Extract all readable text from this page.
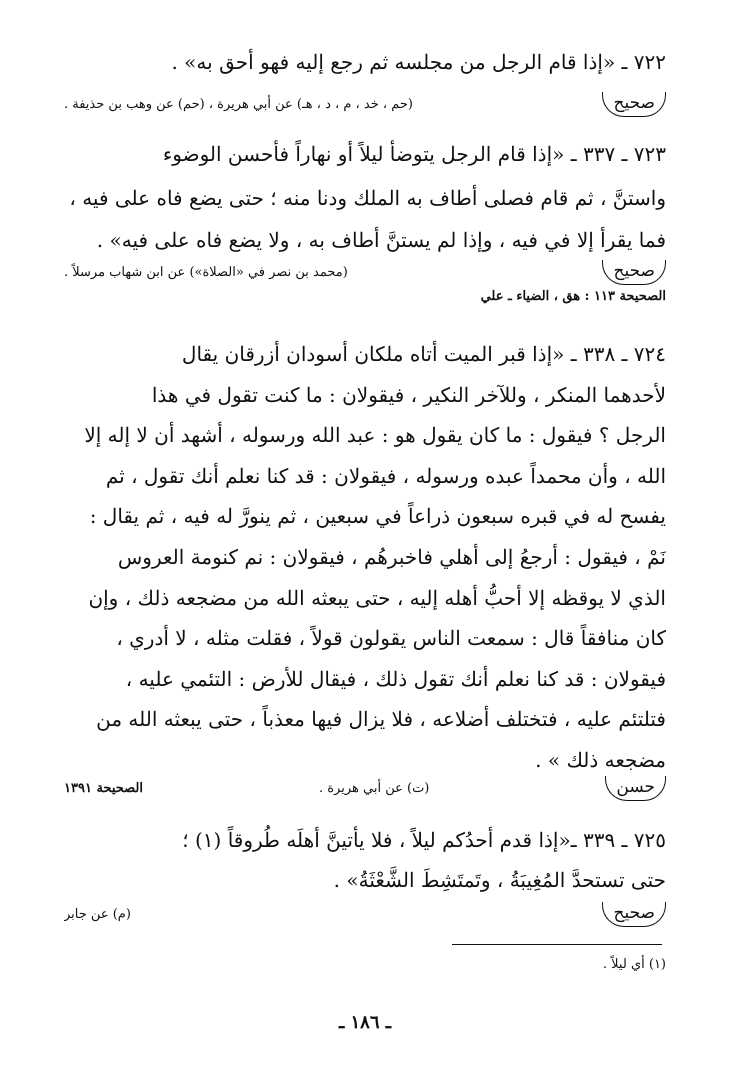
٧٢٢ ـ «إذا قام الرجل من مجلسه ثم رجع إليه فهو أحق به» .
صحيح
(حم ، خد ، م ، د ، هـ) عن أبي هريرة ، (حم) عن وهب بن حذيفة .
٧٢٣ ـ ٣٣٧ ـ «إذا قام الرجل يتوضأ ليلاً أو نهاراً فأحسن الوضوء
واستنَّ ، ثم قام فصلى أطاف به الملك ودنا منه ؛ حتى يضع فاه على فيه ،
فما يقرأ إلا في فيه ، وإذا لم يستنَّ أطاف به ، ولا يضع فاه على فيه» .
صحيح
(محمد بن نصر في «الصلاة») عن ابن شهاب مرسلاً .
الصحيحة ١١٣ : هق ، الضياء ـ علي
٧٢٤ ـ ٣٣٨ ـ «إذا قبر الميت أتاه ملكان أسودان أزرقان يقال
لأحدهما المنكر ، وللآخر النكير ، فيقولان : ما كنت تقول في هذا
الرجل ؟ فيقول : ما كان يقول هو : عبد الله ورسوله ، أشهد أن لا إله إلا
الله ، وأن محمداً عبده ورسوله ، فيقولان : قد كنا نعلم أنك تقول ، ثم
يفسح له في قبره سبعون ذراعاً في سبعين ، ثم ينورَّ له فيه ، ثم يقال :
نَمْ ، فيقول : أرجعُ إلى أهلي فاخبرهُم ، فيقولان : نم كنومة العروس
الذي لا يوقظه إلا أحبُّ أهله إليه ، حتى يبعثه الله من مضجعه ذلك ، وإن
كان منافقاً قال : سمعت الناس يقولون قولاً ، فقلت مثله ، لا أدري ،
فيقولان : قد كنا نعلم أنك تقول ذلك ، فيقال للأرض : التئمي عليه ،
فتلتئم عليه ، فتختلف أضلاعه ، فلا يزال فيها معذباً ، حتى يبعثه الله من
مضجعه ذلك » .
حسن
(ت) عن أبي هريرة .
الصحيحة ١٣٩١
٧٢٥ ـ ٣٣٩ ـ«إذا قدم أحدُكم ليلاً ، فلا يأتينَّ أهلَه طُروقاً (١) ؛
حتى تستحدَّ المُغِيبَةُ ، وتَمتَشِطَ الشَّعْثَةُ» .
صحيح
(م) عن جابر
(١) أي ليلاً .
ـ ١٨٦ ـ
